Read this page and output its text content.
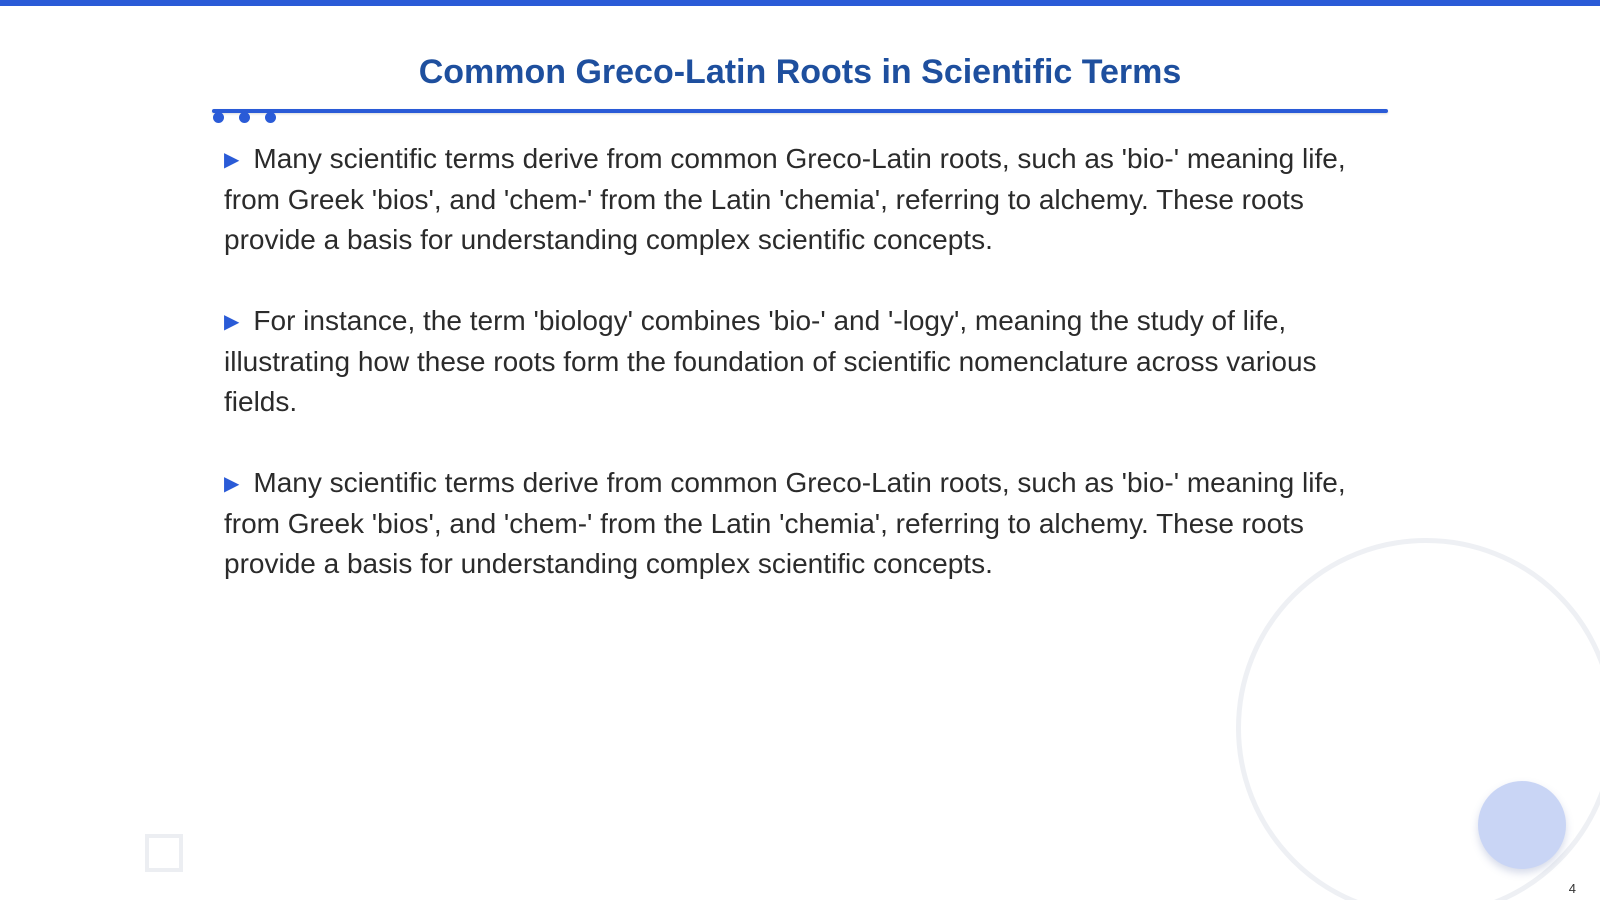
Common Greco-Latin Roots in Scientific Terms
▶ Many scientific terms derive from common Greco-Latin roots, such as 'bio-' meaning life, from Greek 'bios', and 'chem-' from the Latin 'chemia', referring to alchemy. These roots provide a basis for understanding complex scientific concepts.
▶ For instance, the term 'biology' combines 'bio-' and '-logy', meaning the study of life, illustrating how these roots form the foundation of scientific nomenclature across various fields.
▶ Many scientific terms derive from common Greco-Latin roots, such as 'bio-' meaning life, from Greek 'bios', and 'chem-' from the Latin 'chemia', referring to alchemy. These roots provide a basis for understanding complex scientific concepts.
4
